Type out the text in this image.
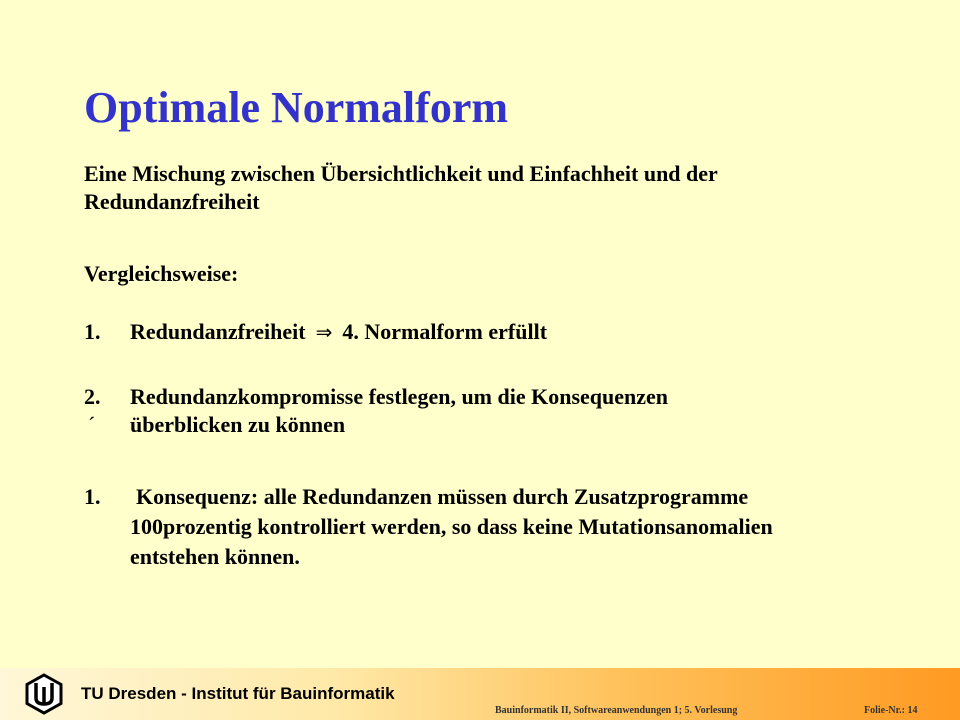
Optimale Normalform
Eine Mischung zwischen Übersichtlichkeit und Einfachheit und der
Redundanzfreiheit
Vergleichsweise:
1. Redundanzfreiheit ⇒ 4. Normalform erfüllt
2. Redundanzkompromisse festlegen, um die Konsequenzen
´ überblicken zu können
1. Konsequenz: alle Redundanzen müssen durch Zusatzprogramme
100prozentig kontrolliert werden, so dass keine Mutationsanomalien
entstehen können.
TU Dresden - Institut für Bauinformatik
Bauinformatik II, Softwareanwendungen 1; 5. Vorlesung	Folie-Nr.: 14
